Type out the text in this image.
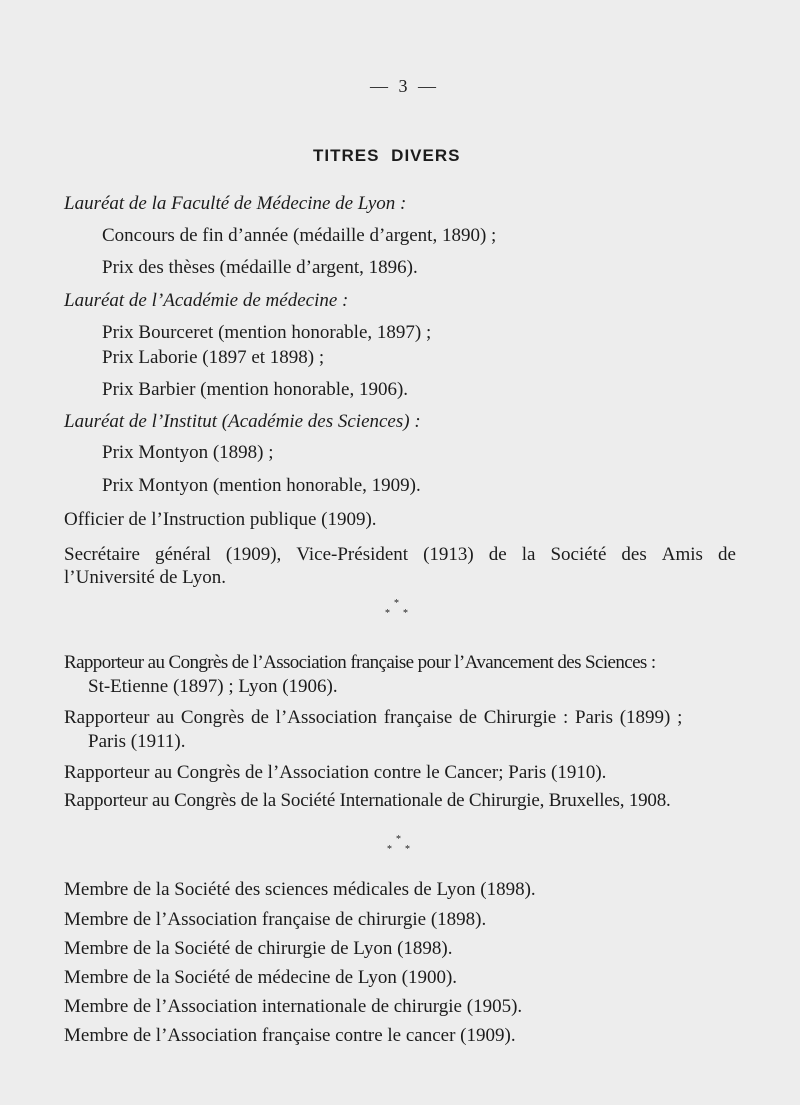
— 3 —
TITRES DIVERS
Lauréat de la Faculté de Médecine de Lyon :
Concours de fin d’année (médaille d’argent, 1890) ;
Prix des thèses (médaille d’argent, 1896).
Lauréat de l’Académie de médecine :
Prix Bourceret (mention honorable, 1897) ;
Prix Laborie (1897 et 1898) ;
Prix Barbier (mention honorable, 1906).
Lauréat de l’Institut (Académie des Sciences) :
Prix Montyon (1898) ;
Prix Montyon (mention honorable, 1909).
Officier de l’Instruction publique (1909).
Secrétaire général (1909), Vice-Président (1913) de la Société des Amis de
l’Université de Lyon.
*
* *
Rapporteur au Congrès de l’Association française pour l’Avancement des Sciences :
St-Etienne (1897) ; Lyon (1906).
Rapporteur au Congrès de l’Association française de Chirurgie : Paris (1899) ;
Paris (1911).
Rapporteur au Congrès de l’Association contre le Cancer; Paris (1910).
Rapporteur au Congrès de la Société Internationale de Chirurgie, Bruxelles, 1908.
*
* *
Membre de la Société des sciences médicales de Lyon (1898).
Membre de l’Association française de chirurgie (1898).
Membre de la Société de chirurgie de Lyon (1898).
Membre de la Société de médecine de Lyon (1900).
Membre de l’Association internationale de chirurgie (1905).
Membre de l’Association française contre le cancer (1909).
